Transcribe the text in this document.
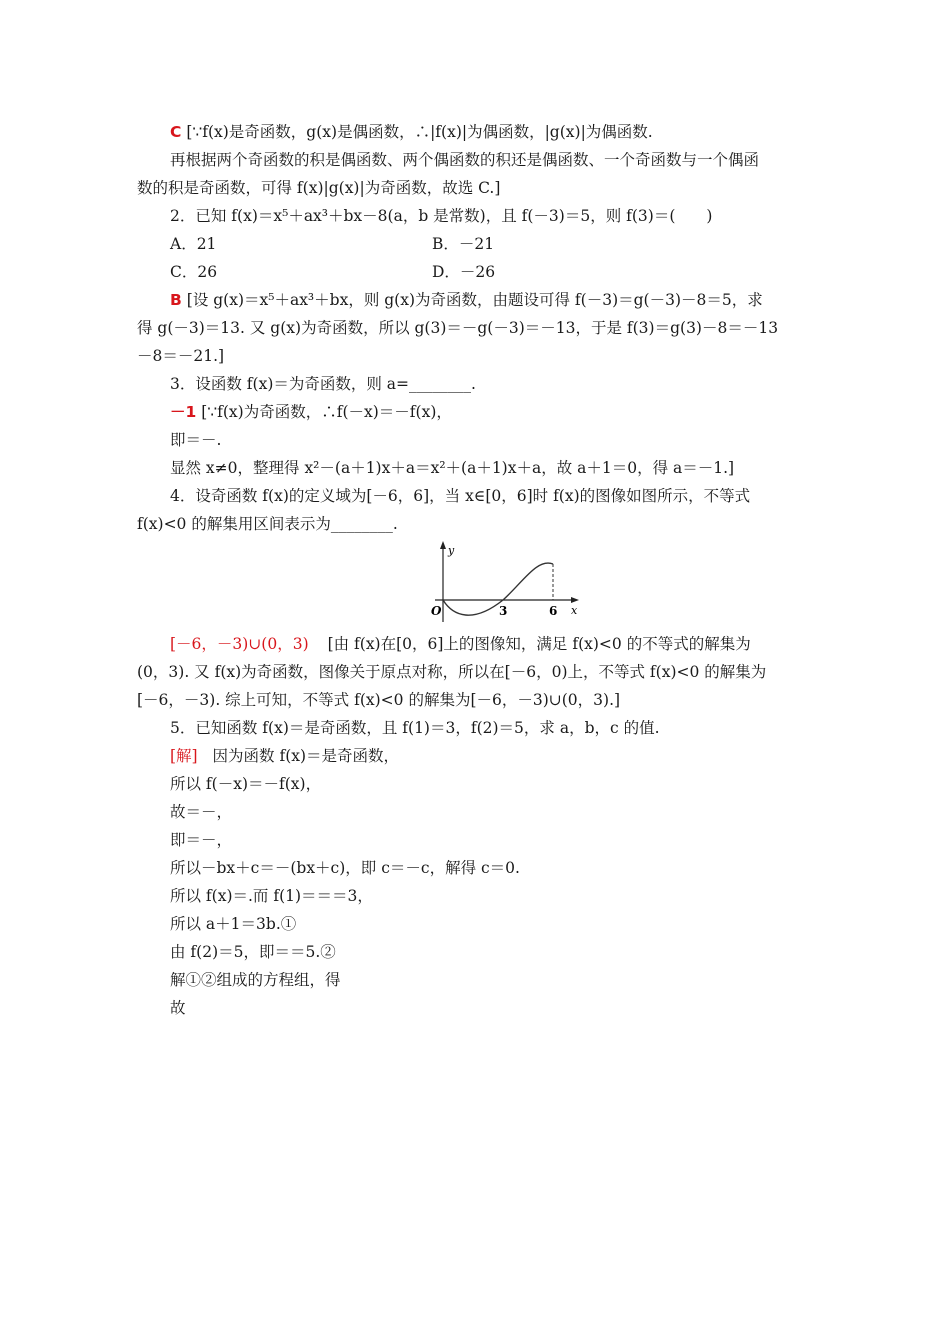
C [∵f(x)是奇函数，g(x)是偶函数，∴|f(x)|为偶函数，|g(x)|为偶函数.
再根据两个奇函数的积是偶函数、两个偶函数的积还是偶函数、一个奇函数与一个偶函
数的积是奇函数，可得 f(x)|g(x)|为奇函数，故选 C.]
2．已知 f(x)＝x⁵＋ax³＋bx－8(a，b 是常数)，且 f(－3)＝5，则 f(3)＝(　　)
A．21	B．－21
C．26	D．－26
B [设 g(x)＝x⁵＋ax³＋bx，则 g(x)为奇函数，由题设可得 f(－3)＝g(－3)－8＝5，求
得 g(－3)＝13. 又 g(x)为奇函数，所以 g(3)＝－g(－3)＝－13，于是 f(3)＝g(3)－8＝－13
－8＝－21.]
3．设函数 f(x)＝为奇函数，则 a=________.
－1 [∵f(x)为奇函数，∴f(－x)＝－f(x)，
即＝－.
显然 x≠0，整理得 x²－(a＋1)x＋a＝x²＋(a＋1)x＋a，故 a＋1＝0，得 a＝－1.]
4．设奇函数 f(x)的定义域为[－6，6]，当 x∈[0，6]时 f(x)的图像如图所示，不等式
f(x)<0 的解集用区间表示为________.
y
x
O	3	6
[－6，－3)∪(0，3) [由 f(x)在[0，6]上的图像知，满足 f(x)<0 的不等式的解集为
(0，3). 又 f(x)为奇函数，图像关于原点对称，所以在[－6，0)上，不等式 f(x)<0 的解集为
[－6，－3). 综上可知，不等式 f(x)<0 的解集为[－6，－3)∪(0，3).]
5．已知函数 f(x)＝是奇函数，且 f(1)＝3，f(2)＝5，求 a，b，c 的值.
[解] 因为函数 f(x)＝是奇函数，
所以 f(－x)＝－f(x)，
故＝－，
即＝－，
所以－bx＋c＝－(bx＋c)，即 c＝－c，解得 c＝0.
所以 f(x)＝.而 f(1)＝＝＝3，
所以 a＋1＝3b.①
由 f(2)＝5，即＝＝5.②
解①②组成的方程组，得
故
